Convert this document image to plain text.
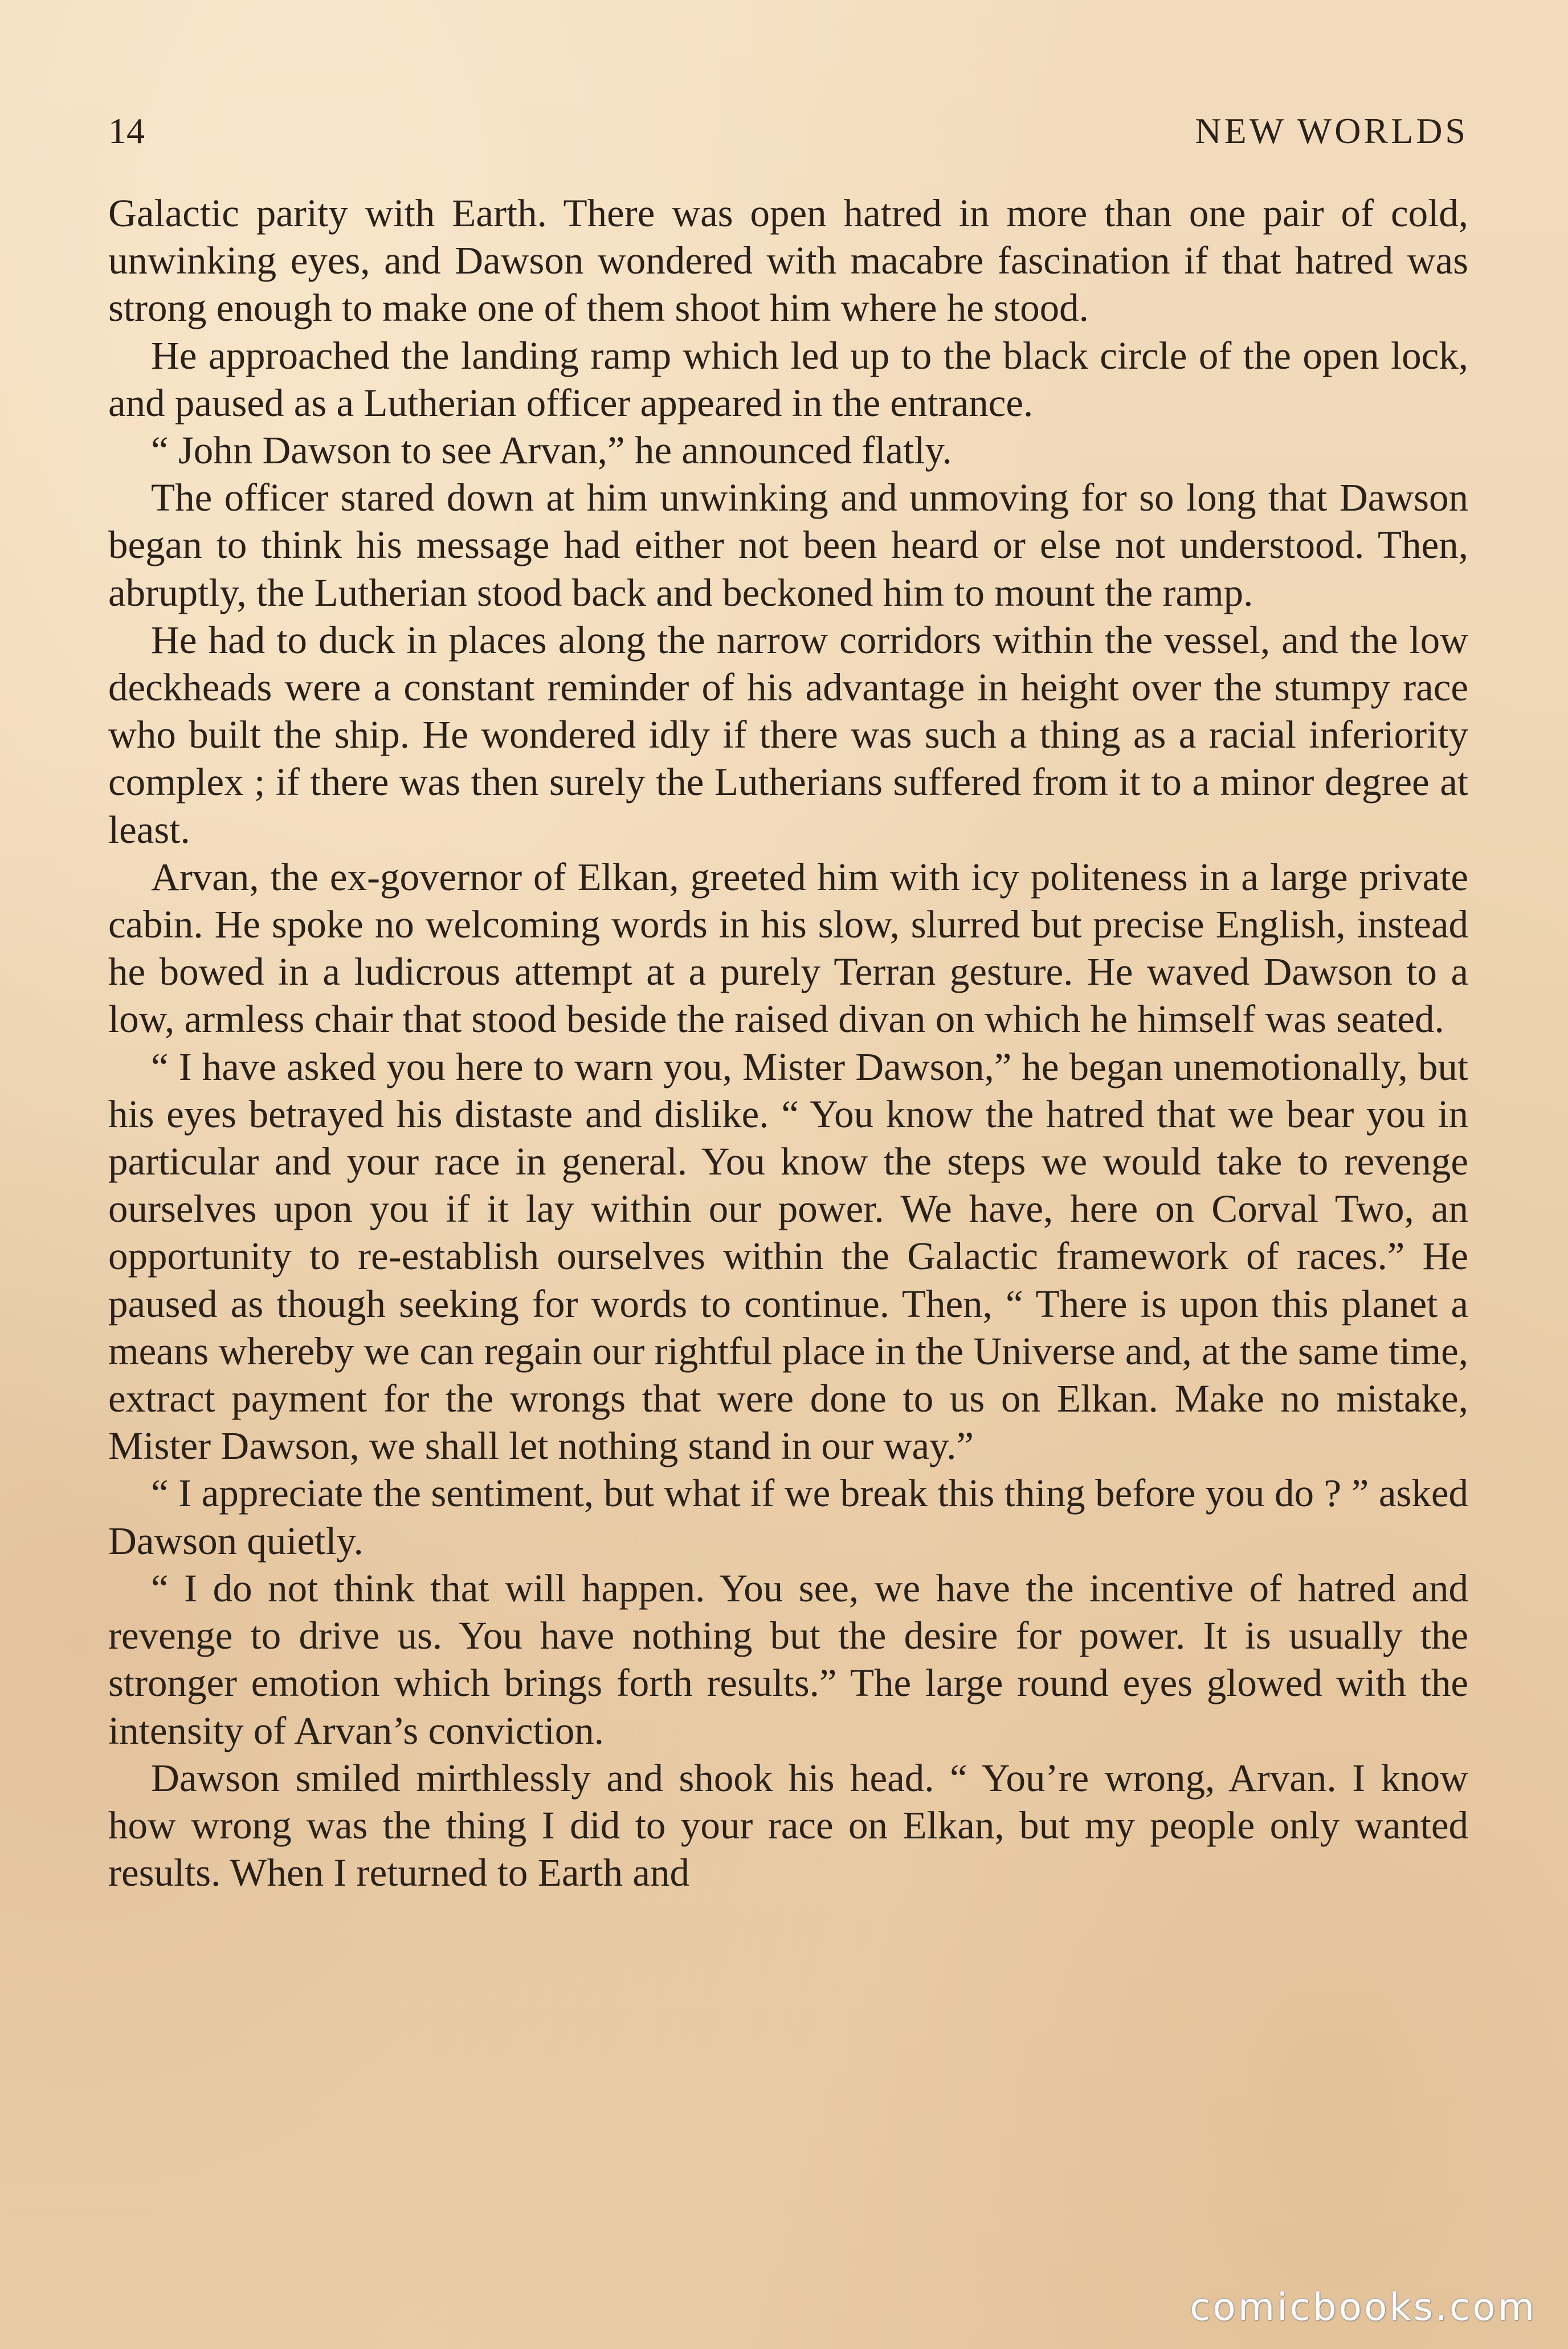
14	NEW WORLDS

Galactic parity with Earth. There was open hatred in more than one pair of cold, unwinking eyes, and Dawson wondered with macabre fascination if that hatred was strong enough to make one of them shoot him where he stood.

He approached the landing ramp which led up to the black circle of the open lock, and paused as a Lutherian officer appeared in the entrance.

“ John Dawson to see Arvan,” he announced flatly.

The officer stared down at him unwinking and unmoving for so long that Dawson began to think his message had either not been heard or else not understood. Then, abruptly, the Lutherian stood back and beckoned him to mount the ramp.

He had to duck in places along the narrow corridors within the vessel, and the low deckheads were a constant reminder of his advantage in height over the stumpy race who built the ship. He wondered idly if there was such a thing as a racial inferiority complex ; if there was then surely the Lutherians suffered from it to a minor degree at least.

Arvan, the ex-governor of Elkan, greeted him with icy politeness in a large private cabin. He spoke no welcoming words in his slow, slurred but precise English, instead he bowed in a ludicrous attempt at a purely Terran gesture. He waved Dawson to a low, armless chair that stood beside the raised divan on which he himself was seated.

“ I have asked you here to warn you, Mister Dawson,” he began unemotionally, but his eyes betrayed his distaste and dislike. “ You know the hatred that we bear you in particular and your race in general. You know the steps we would take to revenge ourselves upon you if it lay within our power. We have, here on Corval Two, an opportunity to re-establish ourselves within the Galactic framework of races.” He paused as though seeking for words to continue. Then, “ There is upon this planet a means whereby we can regain our rightful place in the Universe and, at the same time, extract payment for the wrongs that were done to us on Elkan. Make no mistake, Mister Dawson, we shall let nothing stand in our way.”

“ I appreciate the sentiment, but what if we break this thing before you do ? ” asked Dawson quietly.

“ I do not think that will happen. You see, we have the incentive of hatred and revenge to drive us. You have nothing but the desire for power. It is usually the stronger emotion which brings forth results.” The large round eyes glowed with the intensity of Arvan’s conviction.

Dawson smiled mirthlessly and shook his head. “ You’re wrong, Arvan. I know how wrong was the thing I did to your race on Elkan, but my people only wanted results. When I returned to Earth and

comicbooks.com
